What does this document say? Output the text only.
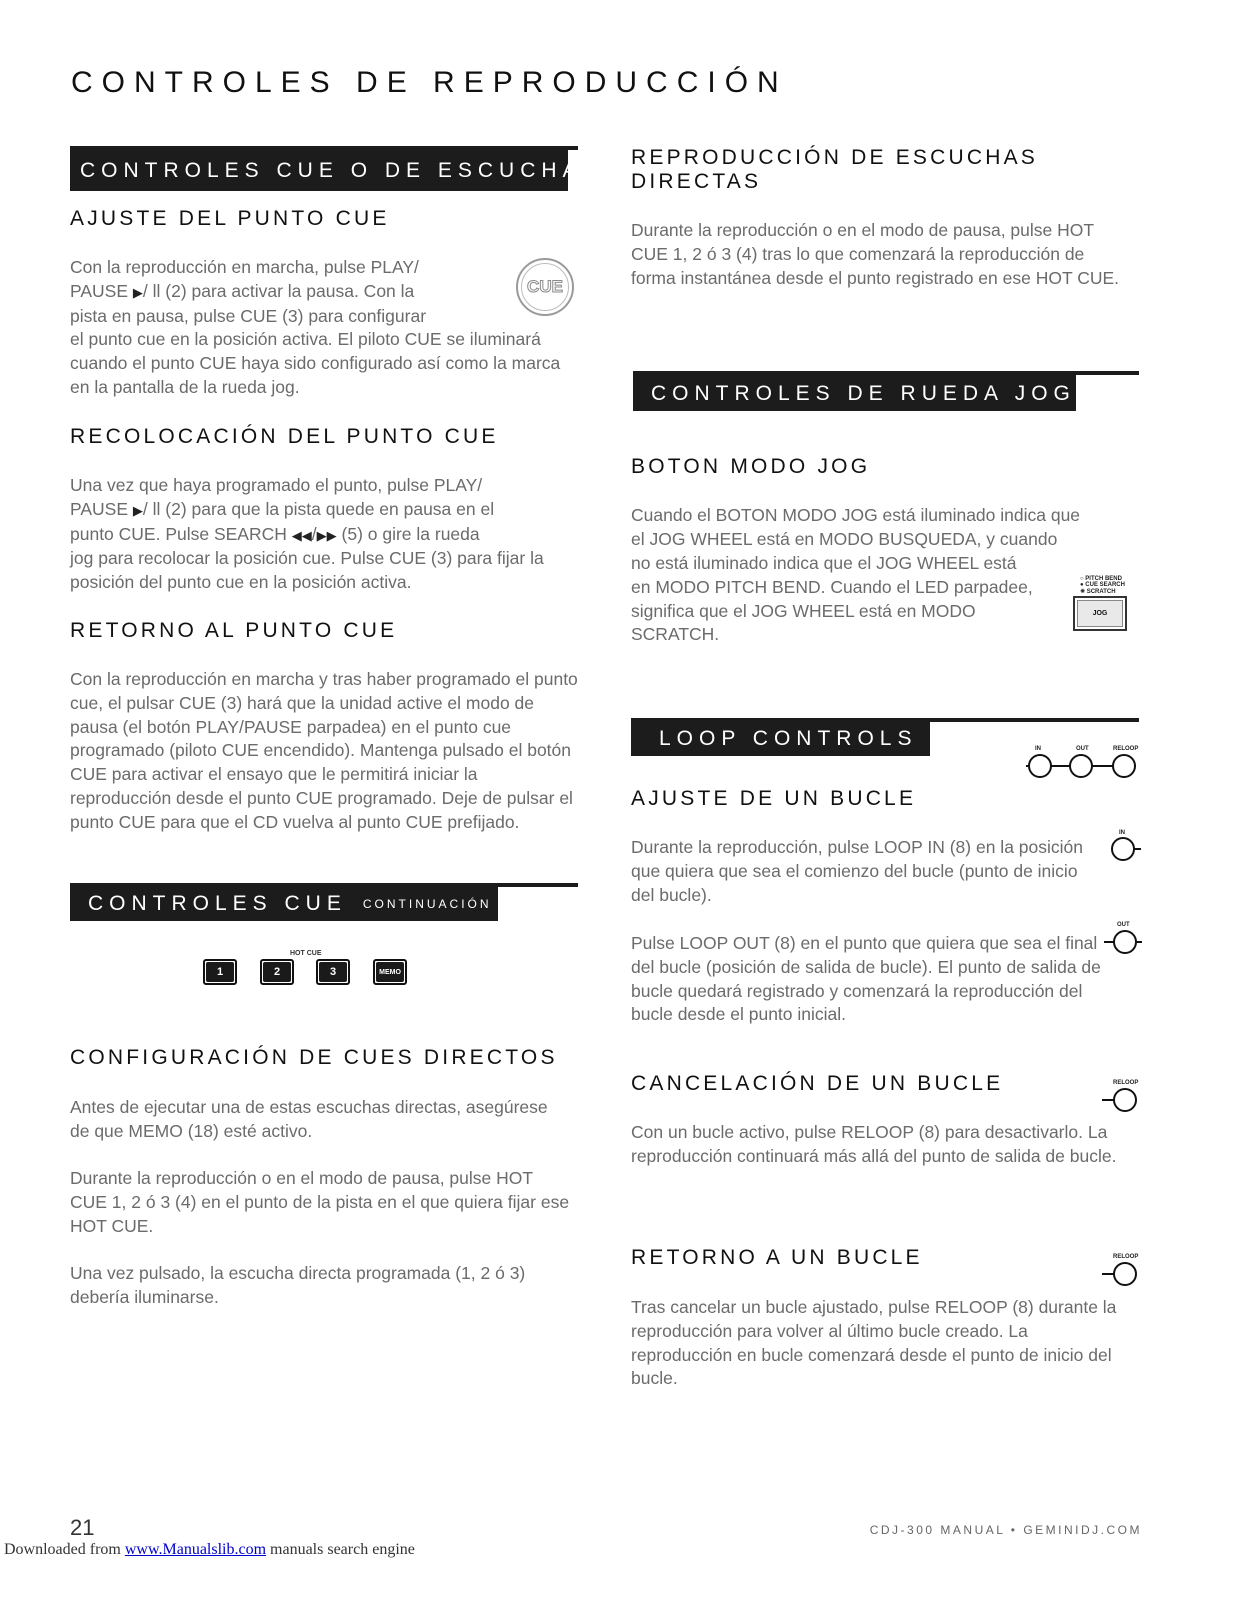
CONTROLES DE REPRODUCCIÓN
CONTROLES CUE O DE ESCUCHA
AJUSTE DEL PUNTO CUE

Con la reproducción en marcha, pulse PLAY/
PAUSE ▶/ ll (2) para activar la pausa. Con la
pista en pausa, pulse CUE (3) para configurar
el punto cue en la posición activa. El piloto CUE se iluminará cuando el punto CUE haya sido configurado así como la marca en la pantalla de la rueda jog.

CUE
RECOLOCACIÓN DEL PUNTO CUE

Una vez que haya programado el punto, pulse PLAY/
PAUSE ▶/ ll (2) para que la pista quede en pausa en el
punto CUE. Pulse SEARCH ◀◀/▶▶ (5) o gire la rueda
jog para recolocar la posición cue. Pulse CUE (3) para fijar la posición del punto cue en la posición activa.

RETORNO AL PUNTO CUE

Con la reproducción en marcha y tras haber programado el punto cue, el pulsar CUE (3) hará que la unidad active el modo de pausa (el botón PLAY/PAUSE parpadea) en el punto cue programado (piloto CUE encendido). Mantenga pulsado el botón CUE para activar el ensayo que le permitirá iniciar la reproducción desde el punto CUE programado. Deje de pulsar el punto CUE para que el CD vuelva al punto CUE prefijado.

CONTROLES CUE CONTINUACIÓN
HOT CUE
1	2	3	MEMO
CONFIGURACIÓN DE CUES DIRECTOS

Antes de ejecutar una de estas escuchas directas, asegúrese de que MEMO (18) esté activo.

Durante la reproducción o en el modo de pausa, pulse HOT CUE 1, 2 ó 3 (4) en el punto de la pista en el que quiera fijar ese HOT CUE.

Una vez pulsado, la escucha directa programada (1, 2 ó 3) debería iluminarse.

REPRODUCCIÓN DE ESCUCHAS
DIRECTAS

Durante la reproducción o en el modo de pausa, pulse HOT CUE 1, 2 ó 3 (4) tras lo que comenzará la reproducción de forma instantánea desde el punto registrado en ese HOT CUE.

CONTROLES DE RUEDA JOG
BOTON MODO JOG

Cuando el BOTON MODO JOG está iluminado indica que
el JOG WHEEL está en MODO BUSQUEDA, y cuando

no está iluminado indica que el JOG WHEEL está en MODO PITCH BEND. Cuando el LED parpadee, significa que el JOG WHEEL está en MODO SCRATCH.

○ PITCH BEND
● CUE SEARCH
✺ SCRATCH
JOG
LOOP CONTROLS	IN	OUT	RELOOP
AJUSTE DE UN BUCLE

Durante la reproducción, pulse LOOP IN (8) en la posición que quiera que sea el comienzo del bucle (punto de inicio del bucle).

IN

Pulse LOOP OUT (8) en el punto que quiera que sea el final del bucle (posición de salida de bucle). El punto de salida de bucle quedará registrado y comenzará la reproducción del bucle desde el punto inicial.

OUT
CANCELACIÓN DE UN BUCLE

Con un bucle activo, pulse RELOOP (8) para desactivarlo. La reproducción continuará más allá del punto de salida de bucle.

RELOOP
RETORNO A UN BUCLE

Tras cancelar un bucle ajustado, pulse RELOOP (8) durante la reproducción para volver al último bucle creado. La reproducción en bucle comenzará desde el punto de inicio del bucle.

RELOOP
21	CDJ-300 MANUAL • GEMINIDJ.COM
Downloaded from www.Manualslib.com manuals search engine
